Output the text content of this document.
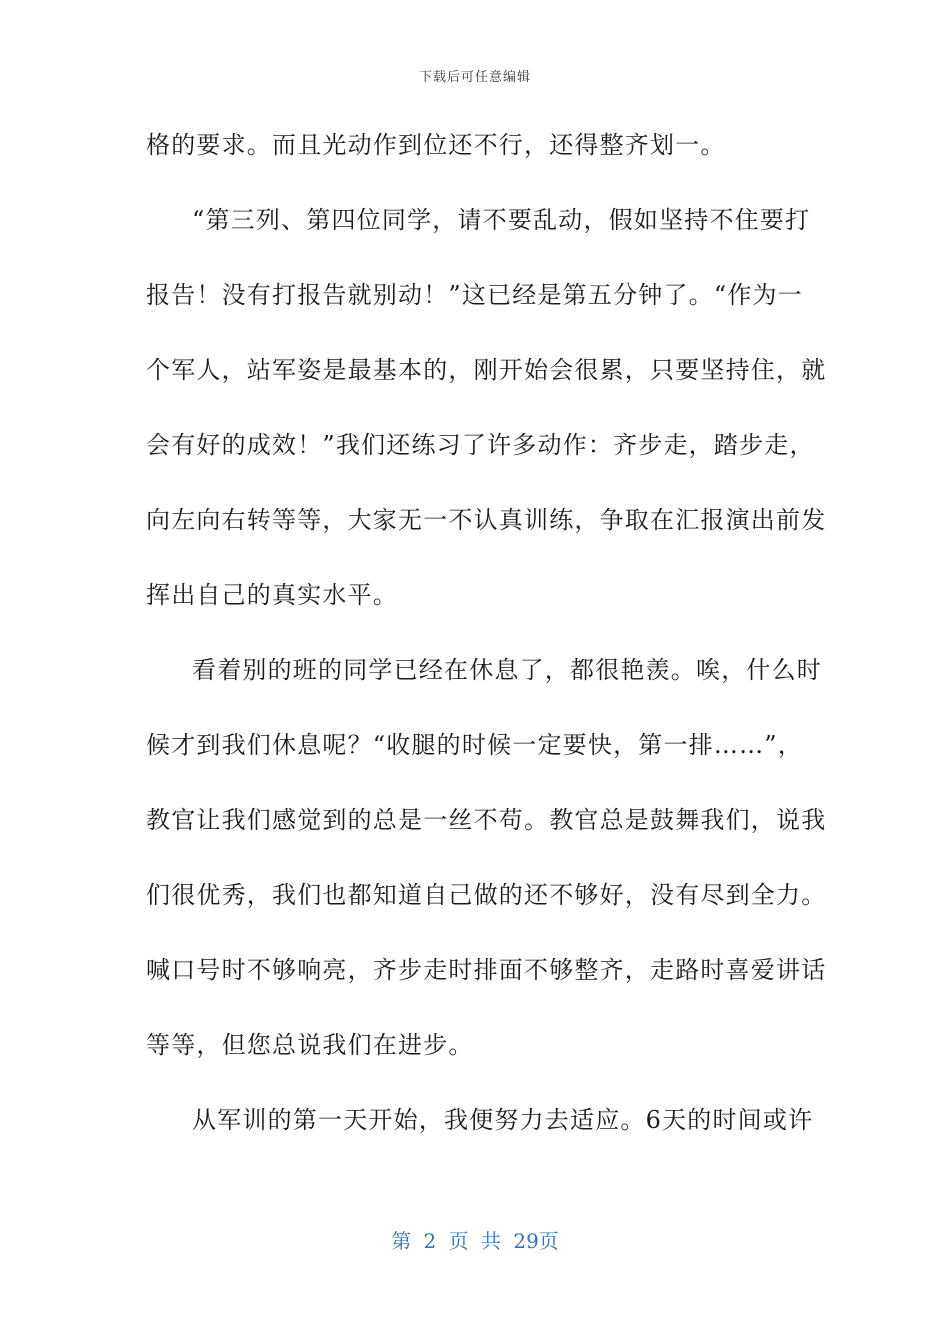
下载后可任意编辑
格的要求。而且光动作到位还不行，还得整齐划一。
“第三列、第四位同学，请不要乱动，假如坚持不住要打
报告！没有打报告就别动！”这已经是第五分钟了。“作为一
个军人，站军姿是最基本的，刚开始会很累，只要坚持住，就
会有好的成效！”我们还练习了许多动作：齐步走，踏步走，
向左向右转等等，大家无一不认真训练，争取在汇报演出前发
挥出自己的真实水平。
看着别的班的同学已经在休息了，都很艳羡。唉，什么时
候才到我们休息呢？“收腿的时候一定要快，第一排……”，
教官让我们感觉到的总是一丝不苟。教官总是鼓舞我们，说我
们很优秀，我们也都知道自己做的还不够好，没有尽到全力。
喊口号时不够响亮，齐步走时排面不够整齐，走路时喜爱讲话
等等，但您总说我们在进步。
从军训的第一天开始，我便努力去适应。6天的时间或许
第 2 页 共 29页
